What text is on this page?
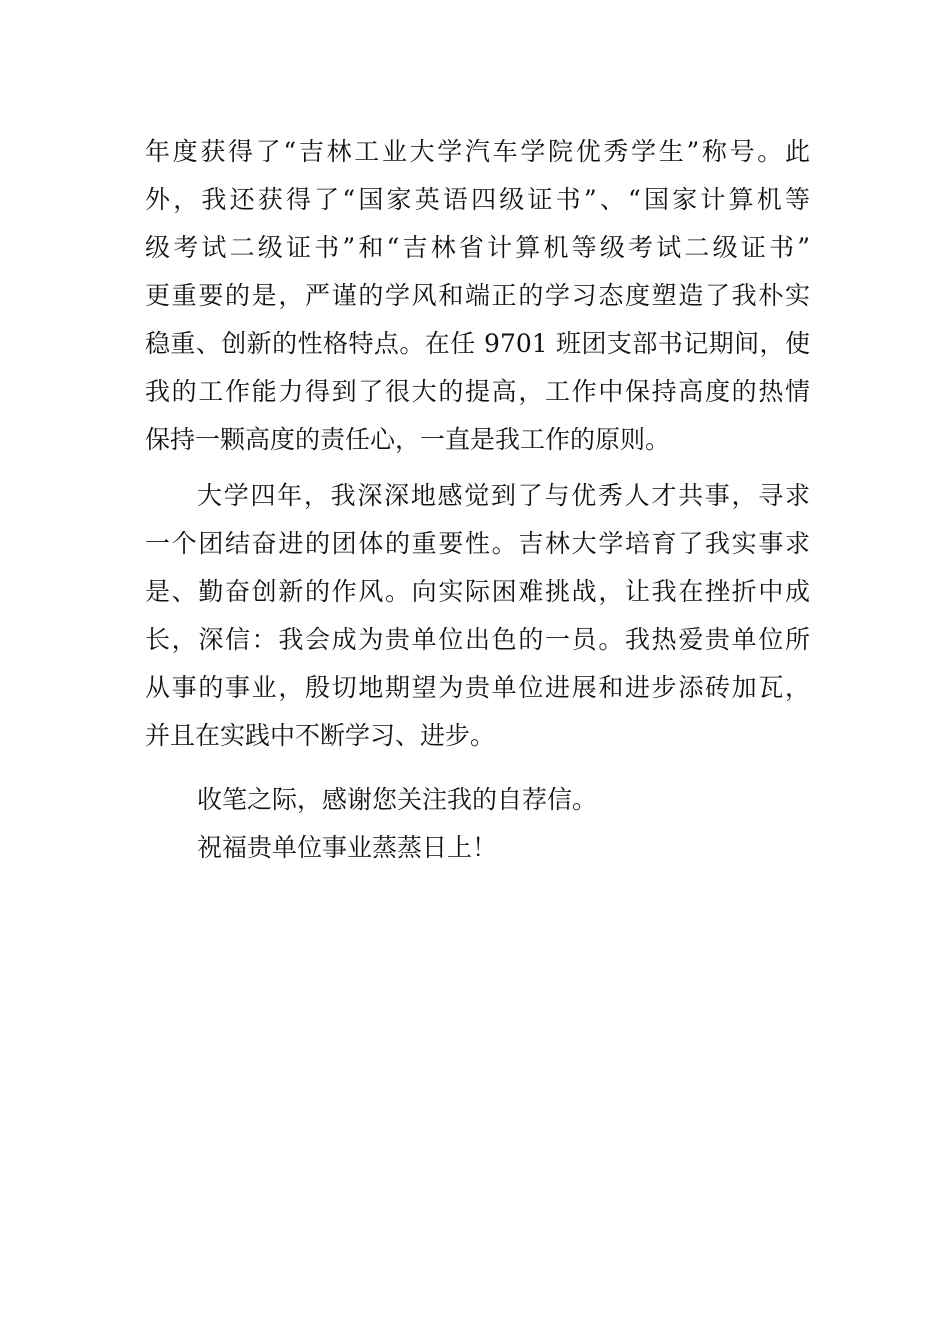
年度获得了“吉林工业大学汽车学院优秀学生”称号。此
外，我还获得了“国家英语四级证书”、“国家计算机等
级考试二级证书”和“吉林省计算机等级考试二级证书”
更重要的是，严谨的学风和端正的学习态度塑造了我朴实
稳重、创新的性格特点。在任 9701 班团支部书记期间，使
我的工作能力得到了很大的提高，工作中保持高度的热情
保持一颗高度的责任心，一直是我工作的原则。
大学四年，我深深地感觉到了与优秀人才共事，寻求
一个团结奋进的团体的重要性。吉林大学培育了我实事求
是、勤奋创新的作风。向实际困难挑战，让我在挫折中成
长，深信：我会成为贵单位出色的一员。我热爱贵单位所
从事的事业，殷切地期望为贵单位进展和进步添砖加瓦，
并且在实践中不断学习、进步。
收笔之际，感谢您关注我的自荐信。
祝福贵单位事业蒸蒸日上！
